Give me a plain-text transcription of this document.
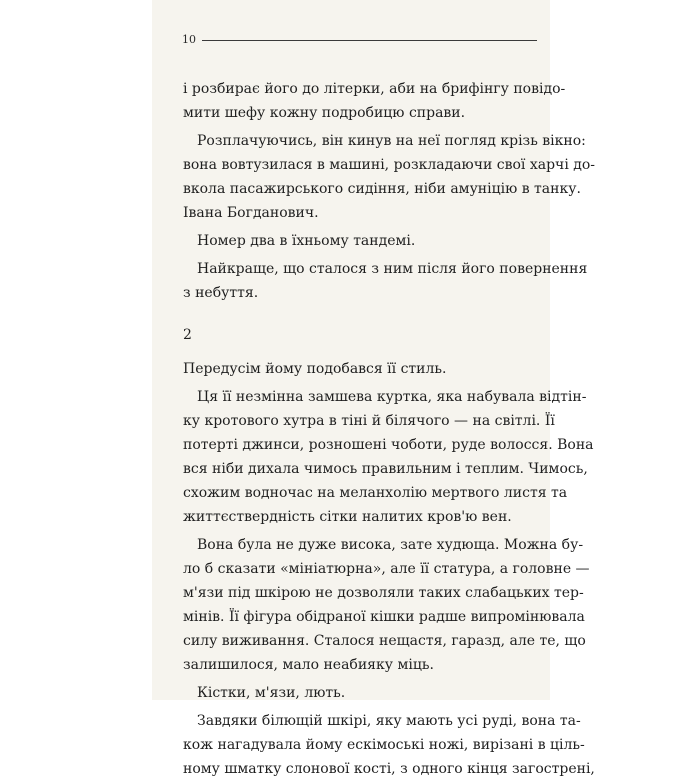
10
і розбирає його до літерки, аби на брифінгу повідо-
мити шефу кожну подробицю справи.
Розплачуючись, він кинув на неї погляд крізь вікно:
вона вовтузилася в машині, розкладаючи свої харчі до-
вкола пасажирського сидіння, ніби амуніцію в танку.
Івана Богданович.
Номер два в їхньому тандемі.
Найкраще, що сталося з ним після його повернення
з небуття.
2
Передусім йому подобався її стиль.
Ця її незмінна замшева куртка, яка набувала відтін-
ку кротового хутра в тіні й білячого — на світлі. Її
потерті джинси, розношені чоботи, руде волосся. Вона
вся ніби дихала чимось правильним і теплим. Чимось,
схожим водночас на меланхолію мертвого листя та
життєствердність сітки налитих кров'ю вен.
Вона була не дуже висока, зате худюща. Можна бу-
ло б сказати «мініатюрна», але її статура, а головне —
м'язи під шкірою не дозволяли таких слабацьких тер-
мінів. Її фігура обідраної кішки радше випромінювала
силу виживання. Сталося нещастя, гаразд, але те, що
залишилося, мало неабияку міць.
Кістки, м'язи, лють.
Завдяки білющій шкірі, яку мають усі руді, вона та-
кож нагадувала йому ескімоські ножі, вирізані в ціль-
ному шматку слонової кості, з одного кінця загострені,
